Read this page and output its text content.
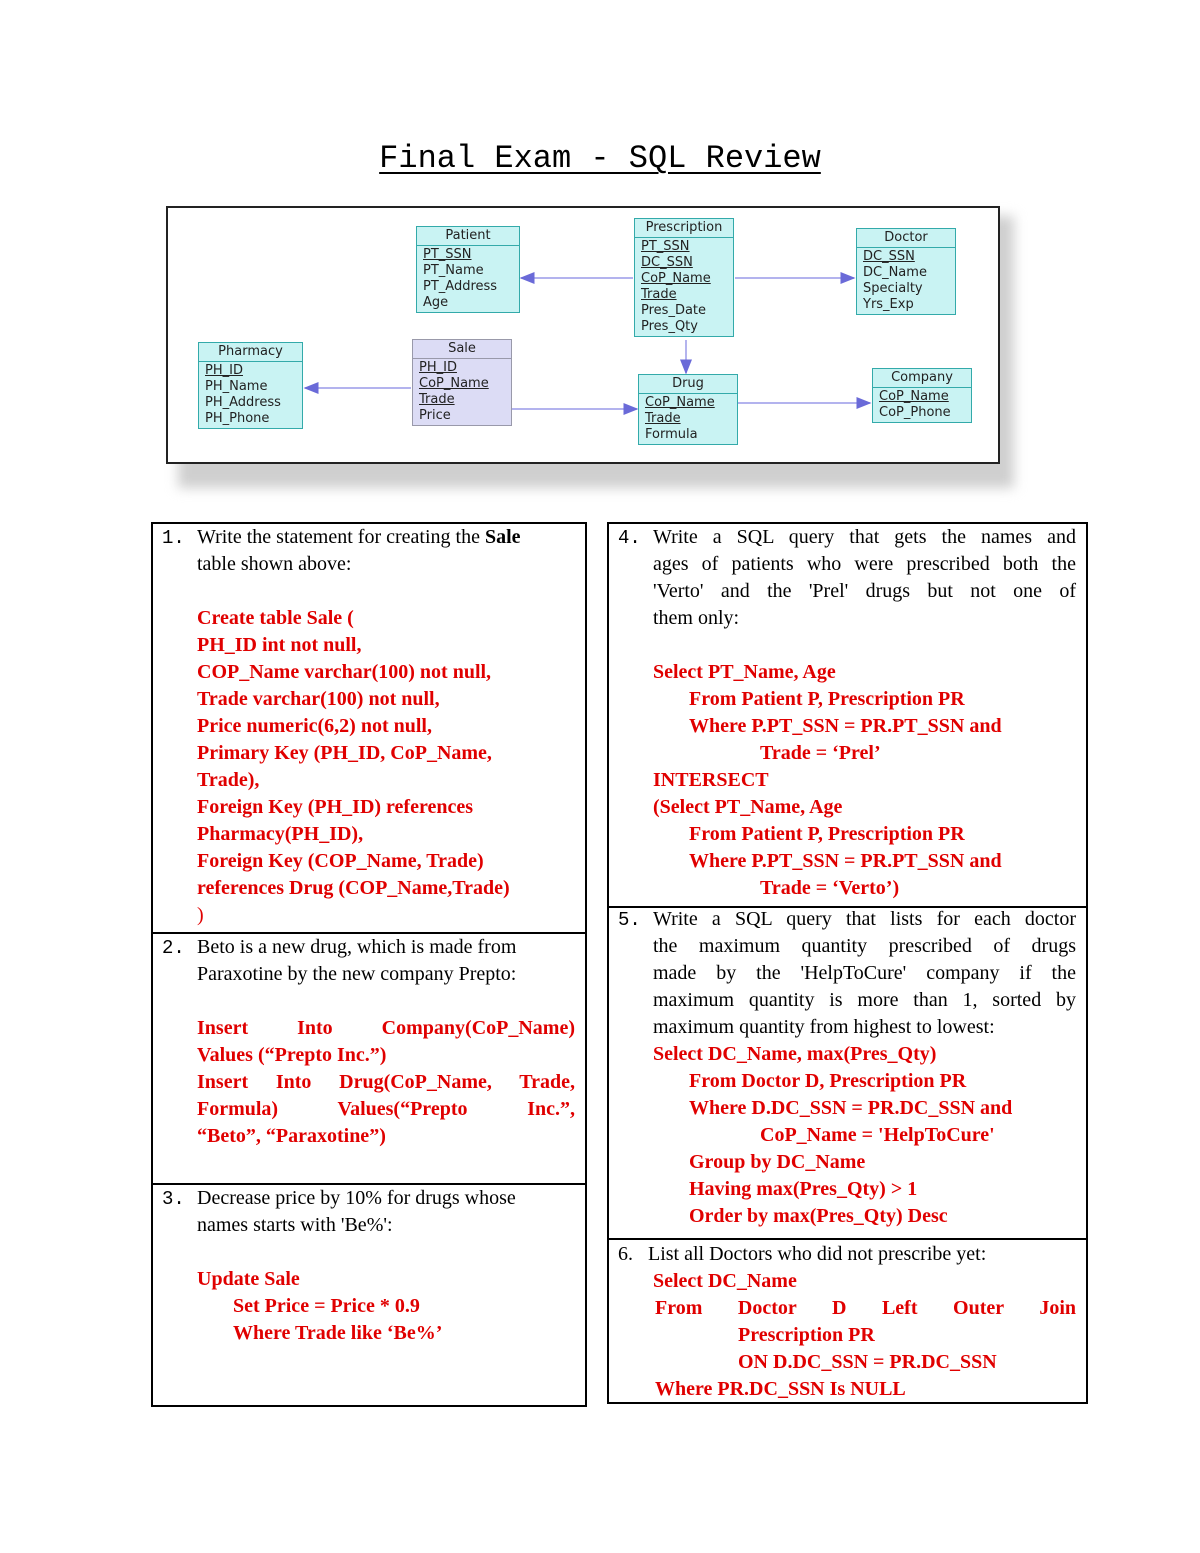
Final Exam - SQL Review
Patient
PT_SSN
PT_Name
PT_Address
Age
Prescription
PT_SSN
DC_SSN
CoP_Name
Trade
Pres_Date
Pres_Qty
Doctor
DC_SSN
DC_Name
Specialty
Yrs_Exp
Pharmacy
PH_ID
PH_Name
PH_Address
PH_Phone
Sale
PH_ID
CoP_Name
Trade
Price
Drug
CoP_Name
Trade
Formula
Company
CoP_Name
CoP_Phone
1. Write the statement for creating the Sale
table shown above:
Create table Sale (
PH_ID int not null,
COP_Name varchar(100) not null,
Trade varchar(100) not null,
Price numeric(6,2) not null,
Primary Key (PH_ID, CoP_Name,
Trade),
Foreign Key (PH_ID) references
Pharmacy(PH_ID),
Foreign Key (COP_Name, Trade)
references Drug (COP_Name,Trade)
)
2. Beto is a new drug, which is made from
Paraxotine by the new company Prepto:
Insert Into Company(CoP_Name)
Values (“Prepto Inc.”)
Insert Into Drug(CoP_Name, Trade,
Formula) Values(“Prepto Inc.”,
“Beto”, “Paraxotine”)
3. Decrease price by 10% for drugs whose
names starts with 'Be%':
Update Sale
Set Price = Price * 0.9
Where Trade like ‘Be%’
4. Write a SQL query that gets the names and
ages of patients who were prescribed both the
'Verto' and the 'Prel' drugs but not one of
them only:
Select PT_Name, Age
From Patient P, Prescription PR
Where P.PT_SSN = PR.PT_SSN and
Trade = ‘Prel’
INTERSECT
(Select PT_Name, Age
From Patient P, Prescription PR
Where P.PT_SSN = PR.PT_SSN and
Trade = ‘Verto’)
5. Write a SQL query that lists for each doctor
the maximum quantity prescribed of drugs
made by the 'HelpToCure' company if the
maximum quantity is more than 1, sorted by
maximum quantity from highest to lowest:
Select DC_Name, max(Pres_Qty)
From Doctor D, Prescription PR
Where D.DC_SSN = PR.DC_SSN and
CoP_Name = 'HelpToCure'
Group by DC_Name
Having max(Pres_Qty) > 1
Order by max(Pres_Qty) Desc
6. List all Doctors who did not prescribe yet:
Select DC_Name
From Doctor D Left Outer Join
Prescription PR
ON D.DC_SSN = PR.DC_SSN
Where PR.DC_SSN Is NULL
